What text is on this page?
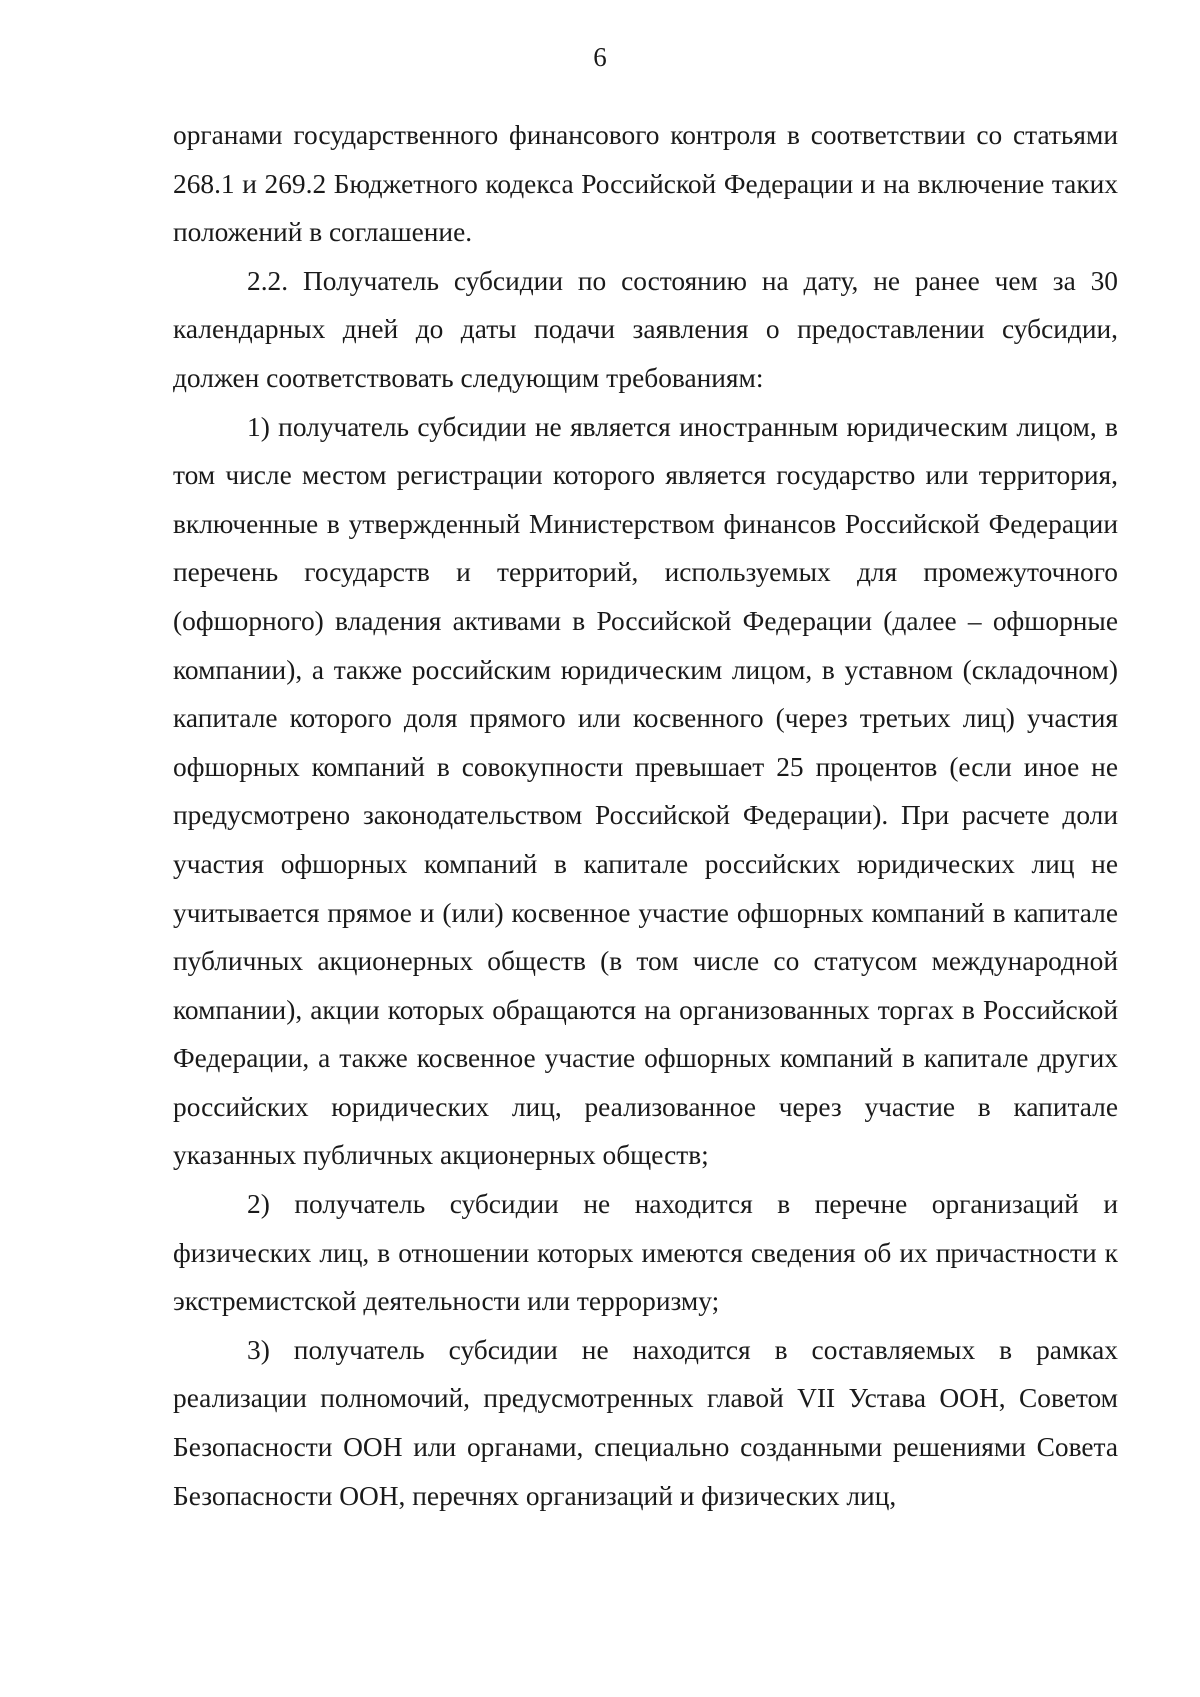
6

органами государственного финансового контроля в соответствии со статьями 268.1 и 269.2 Бюджетного кодекса Российской Федерации и на включение таких положений в соглашение.

2.2. Получатель субсидии по состоянию на дату, не ранее чем за 30 календарных дней до даты подачи заявления о предоставлении субсидии, должен соответствовать следующим требованиям:

1) получатель субсидии не является иностранным юридическим лицом, в том числе местом регистрации которого является государство или территория, включенные в утвержденный Министерством финансов Российской Федерации перечень государств и территорий, используемых для промежуточного (офшорного) владения активами в Российской Федерации (далее – офшорные компании), а также российским юридическим лицом, в уставном (складочном) капитале которого доля прямого или косвенного (через третьих лиц) участия офшорных компаний в совокупности превышает 25 процентов (если иное не предусмотрено законодательством Российской Федерации). При расчете доли участия офшорных компаний в капитале российских юридических лиц не учитывается прямое и (или) косвенное участие офшорных компаний в капитале публичных акционерных обществ (в том числе со статусом международной компании), акции которых обращаются на организованных торгах в Российской Федерации, а также косвенное участие офшорных компаний в капитале других российских юридических лиц, реализованное через участие в капитале указанных публичных акционерных обществ;

2) получатель субсидии не находится в перечне организаций и физических лиц, в отношении которых имеются сведения об их причастности к экстремистской деятельности или терроризму;

3) получатель субсидии не находится в составляемых в рамках реализации полномочий, предусмотренных главой VII Устава ООН, Советом Безопасности ООН или органами, специально созданными решениями Совета Безопасности ООН, перечнях организаций и физических лиц,
